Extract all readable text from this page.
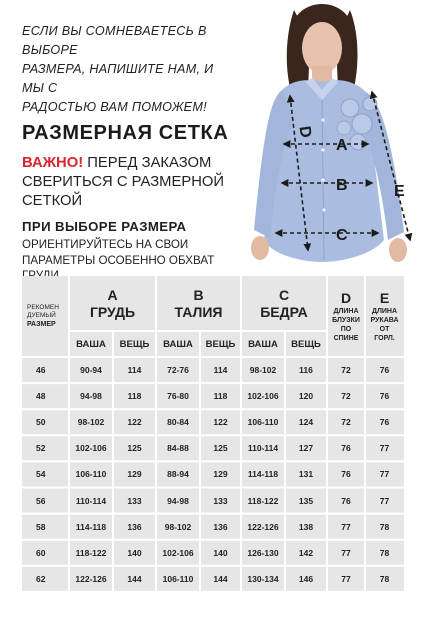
ЕСЛИ ВЫ СОМНЕВАЕТЕСЬ В ВЫБОРЕ
РАЗМЕРА, НАПИШИТЕ НАМ, И МЫ С
РАДОСТЬЮ ВАМ ПОМОЖЕМ!
РАЗМЕРНАЯ СЕТКА
ВАЖНО! ПЕРЕД ЗАКАЗОМ
СВЕРИТЬСЯ С РАЗМЕРНОЙ
СЕТКОЙ
ПРИ ВЫБОРЕ РАЗМЕРА
ОРИЕНТИРУЙТЕСЬ НА СВОИ
ПАРАМЕТРЫ ОСОБЕННО ОБХВАТ
A
B
C
D
E
РЕКОМЕН
ДУЕМЫЙ
РАЗМЕР
А
ГРУДЬ
В
ТАЛИЯ
С
БЕДРА
D
ДЛИНА
БЛУЗКИ
ПО
СПИНЕ
E
ДЛИНА
РУКАВА
ОТ
ГОРЛ.
ВАША	ВЕЩЬ	ВАША	ВЕЩЬ	ВАША	ВЕЩЬ
46	90-94	114	72-76	114	98-102	116	72	76
48	94-98	118	76-80	118	102-106	120	72	76
50	98-102	122	80-84	122	106-110	124	72	76
52	102-106	125	84-88	125	110-114	127	76	77
54	106-110	129	88-94	129	114-118	131	76	77
56	110-114	133	94-98	133	118-122	135	76	77
58	114-118	136	98-102	136	122-126	138	77	78
60	118-122	140	102-106	140	126-130	142	77	78
62	122-126	144	106-110	144	130-134	146	77	78
